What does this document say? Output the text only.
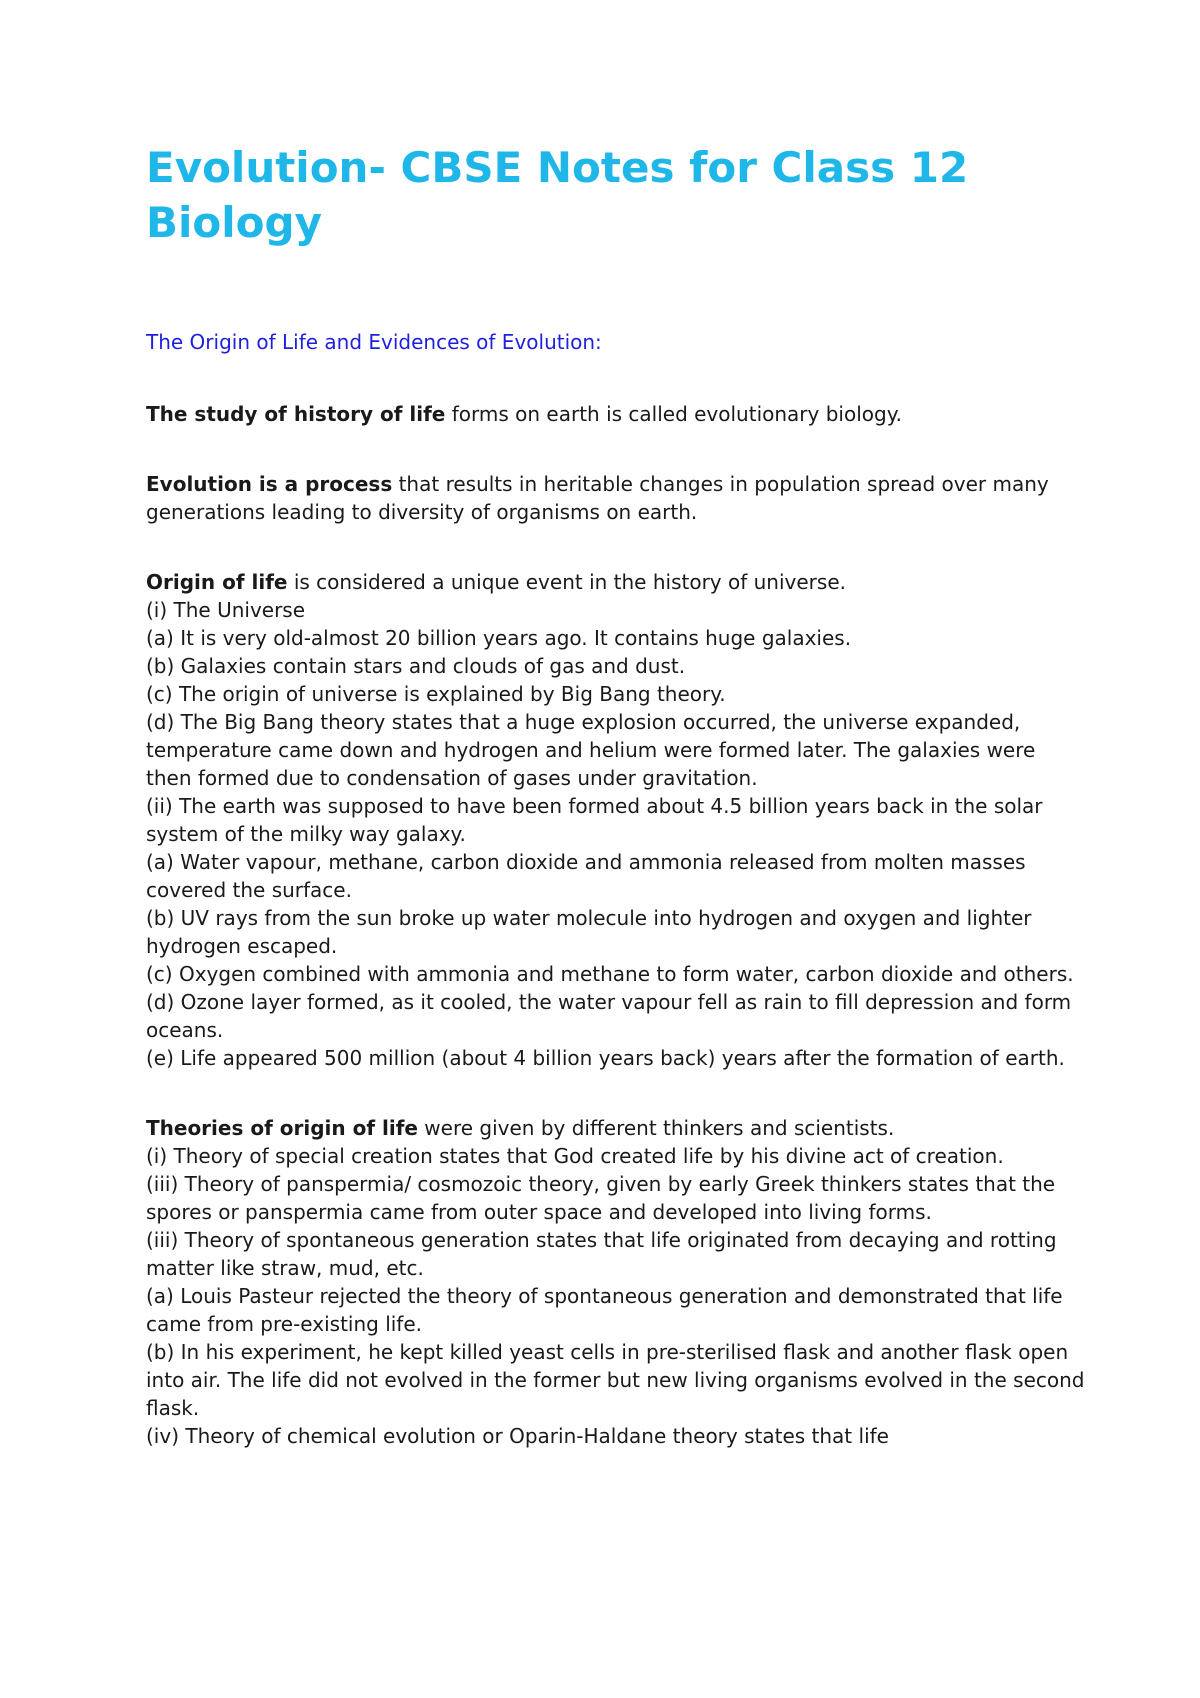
Evolution- CBSE Notes for Class 12 Biology
The Origin of Life and Evidences of Evolution:

The study of history of life forms on earth is called evolutionary biology.

Evolution is a process that results in heritable changes in population spread over many generations leading to diversity of organisms on earth.

Origin of life is considered a unique event in the history of universe.
(i) The Universe
(a) It is very old-almost 20 billion years ago. It contains huge galaxies.
(b) Galaxies contain stars and clouds of gas and dust.
(c) The origin of universe is explained by Big Bang theory.
(d) The Big Bang theory states that a huge explosion occurred, the universe expanded, temperature came down and hydrogen and helium were formed later. The galaxies were then formed due to condensation of gases under gravitation.
(ii) The earth was supposed to have been formed about 4.5 billion years back in the solar system of the milky way galaxy.
(a) Water vapour, methane, carbon dioxide and ammonia released from molten masses covered the surface.
(b) UV rays from the sun broke up water molecule into hydrogen and oxygen and lighter hydrogen escaped.
(c) Oxygen combined with ammonia and methane to form water, carbon dioxide and others.
(d) Ozone layer formed, as it cooled, the water vapour fell as rain to fill depression and form oceans.
(e) Life appeared 500 million (about 4 billion years back) years after the formation of earth.
Theories of origin of life were given by different thinkers and scientists.
(i) Theory of special creation states that God created life by his divine act of creation.
(iii) Theory of panspermia/ cosmozoic theory, given by early Greek thinkers states that the spores or panspermia came from outer space and developed into living forms.
(iii) Theory of spontaneous generation states that life originated from decaying and rotting matter like straw, mud, etc.
(a) Louis Pasteur rejected the theory of spontaneous generation and demonstrated that life came from pre-existing life.
(b) In his experiment, he kept killed yeast cells in pre-sterilised flask and another flask open into air. The life did not evolved in the former but new living organisms evolved in the second flask.
(iv) Theory of chemical evolution or Oparin-Haldane theory states that life
